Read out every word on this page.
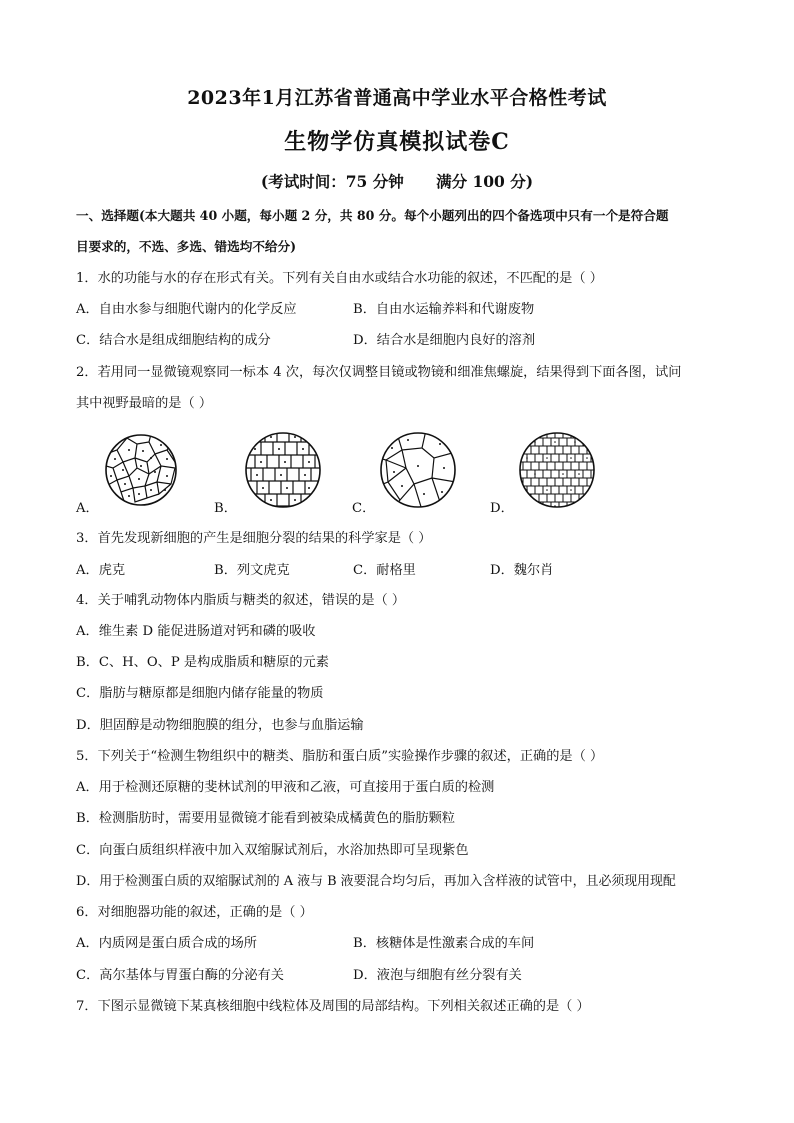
2023年1月江苏省普通高中学业水平合格性考试
生物学仿真模拟试卷C
(考试时间：75 分钟      满分 100 分)
一、选择题(本大题共 40 小题，每小题 2 分，共 80 分。每个小题列出的四个备选项中只有一个是符合题
目要求的，不选、多选、错选均不给分)
1．水的功能与水的存在形式有关。下列有关自由水或结合水功能的叙述，不匹配的是（ ）
A．自由水参与细胞代谢内的化学反应	B．自由水运输养料和代谢废物
C．结合水是组成细胞结构的成分	D．结合水是细胞内良好的溶剂
2．若用同一显微镜观察同一标本 4 次，每次仅调整目镜或物镜和细准焦螺旋，结果得到下面各图，试问
其中视野最暗的是（ ）
A．	B．	C．	D．
3．首先发现新细胞的产生是细胞分裂的结果的科学家是（ ）
A．虎克	B．列文虎克	C．耐格里	D．魏尔肖
4．关于哺乳动物体内脂质与糖类的叙述，错误的是（ ）
A．维生素 D 能促进肠道对钙和磷的吸收
B．C、H、O、P 是构成脂质和糖原的元素
C．脂肪与糖原都是细胞内储存能量的物质
D．胆固醇是动物细胞膜的组分，也参与血脂运输
5．下列关于“检测生物组织中的糖类、脂肪和蛋白质”实验操作步骤的叙述，正确的是（ ）
A．用于检测还原糖的斐林试剂的甲液和乙液，可直接用于蛋白质的检测
B．检测脂肪时，需要用显微镜才能看到被染成橘黄色的脂肪颗粒
C．向蛋白质组织样液中加入双缩脲试剂后，水浴加热即可呈现紫色
D．用于检测蛋白质的双缩脲试剂的 A 液与 B 液要混合均匀后，再加入含样液的试管中，且必须现用现配
6．对细胞器功能的叙述，正确的是（ ）
A．内质网是蛋白质合成的场所	B．核糖体是性激素合成的车间
C．高尔基体与胃蛋白酶的分泌有关	D．液泡与细胞有丝分裂有关
7．下图示显微镜下某真核细胞中线粒体及周围的局部结构。下列相关叙述正确的是（ ）
